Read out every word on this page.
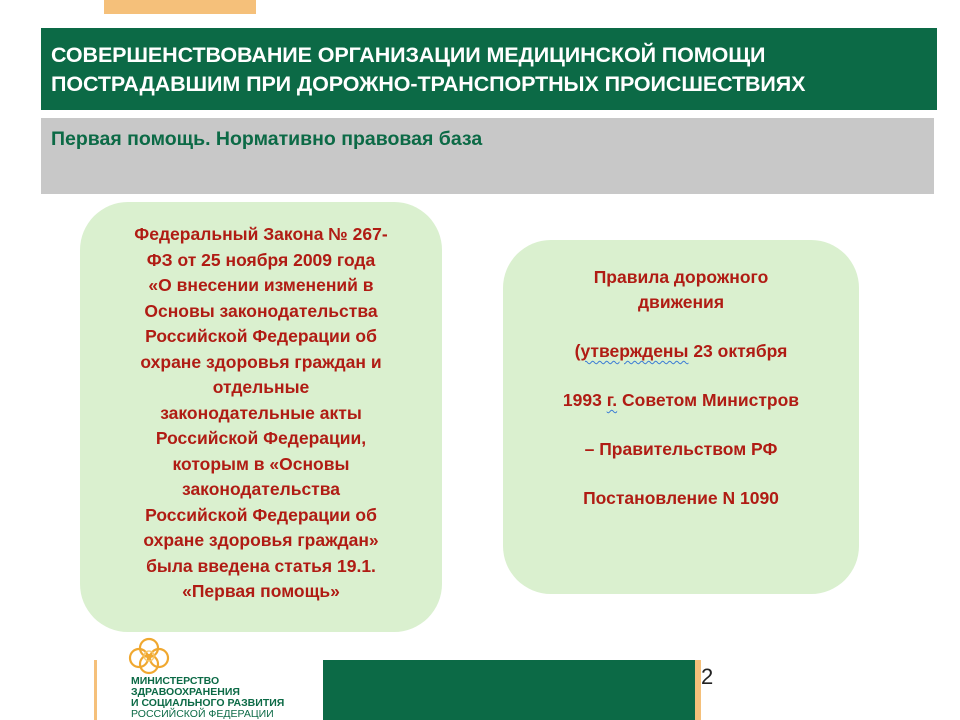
СОВЕРШЕНСТВОВАНИЕ ОРГАНИЗАЦИИ МЕДИЦИНСКОЙ ПОМОЩИ
ПОСТРАДАВШИМ ПРИ ДОРОЖНО-ТРАНСПОРТНЫХ ПРОИСШЕСТВИЯХ
Первая помощь. Нормативно правовая база
Федеральный Закона № 267-
ФЗ от 25 ноября 2009 года
«О внесении изменений в
Основы законодательства
Российской Федерации об
охране здоровья граждан и
отдельные
законодательные акты
Российской Федерации,
которым в «Основы
законодательства
Российской Федерации об
охране здоровья граждан»
была введена статья 19.1.
«Первая помощь»
Правила дорожного
движения
(утверждены 23 октября
1993 г. Советом Министров
– Правительством РФ
Постановление N 1090
МИНИСТЕРСТВО
ЗДРАВООХРАНЕНИЯ
И СОЦИАЛЬНОГО РАЗВИТИЯ
РОССИЙСКОЙ ФЕДЕРАЦИИ
2
